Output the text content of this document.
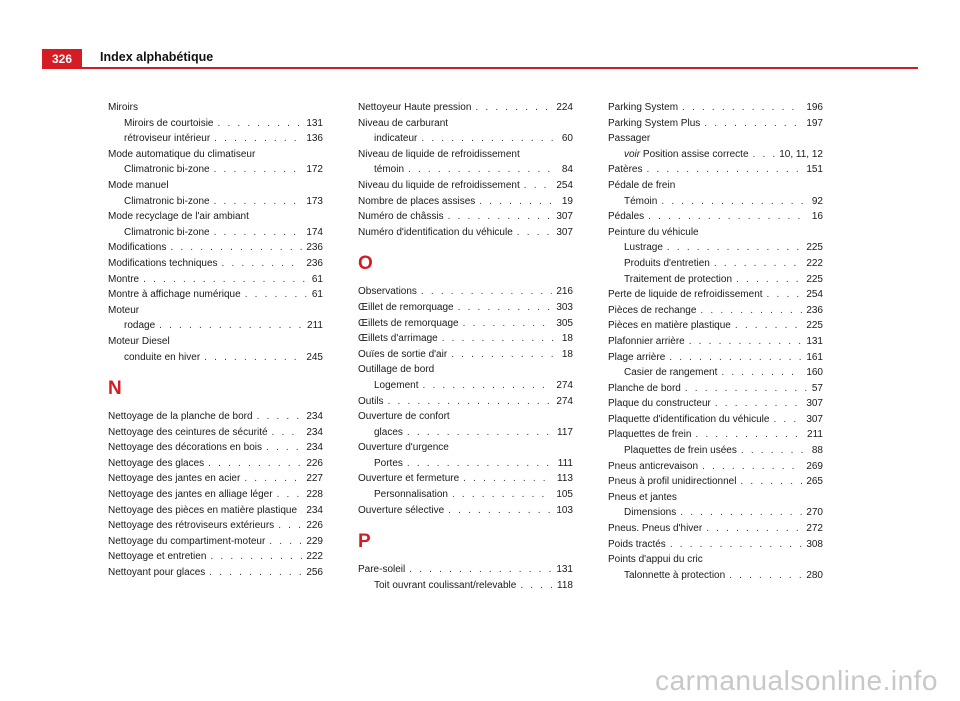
326	Index alphabétique
Miroirs
Miroirs de courtoisie . . .	131
rétroviseur intérieur . . .	136
Mode automatique du climatiseur
Climatronic bi-zone . . .	172
Mode manuel
Climatronic bi-zone . . .	173
Mode recyclage de l'air ambiant
Climatronic bi-zone . . .	174
Modifications . . .	236
Modifications techniques . . .	236
Montre . . .	61
Montre à affichage numérique . . .	61
Moteur
rodage . . .	211
Moteur Diesel
conduite en hiver . . .	245
N
Nettoyage de la planche de bord . . .	234
Nettoyage des ceintures de sécurité . . .	234
Nettoyage des décorations en bois . . .	234
Nettoyage des glaces . . .	226
Nettoyage des jantes en acier . . .	227
Nettoyage des jantes en alliage léger . . .	228
Nettoyage des pièces en matière plastique . . . 234
Nettoyage des rétroviseurs extérieurs . . .	226
Nettoyage du compartiment-moteur . . .	229
Nettoyage et entretien . . .	222
Nettoyant pour glaces . . .	256
Nettoyeur Haute pression . . .	224
Niveau de carburant
indicateur . . .	60
Niveau de liquide de refroidissement
témoin . . .	84
Niveau du liquide de refroidissement . . .	254
Nombre de places assises . . .	19
Numéro de châssis . . .	307
Numéro d'identification du véhicule . . .	307
O
Observations . . .	216
Œillet de remorquage . . .	303
Œillets de remorquage . . .	305
Œillets d'arrimage . . .	18
Ouïes de sortie d'air . . .	18
Outillage de bord
Logement . . .	274
Outils . . .	274
Ouverture de confort
glaces . . .	117
Ouverture d'urgence
Portes . . .	111
Ouverture et fermeture . . .	113
Personnalisation . . .	105
Ouverture sélective . . .	103
P
Pare-soleil . . .	131
Toit ouvrant coulissant/relevable . . .	118
Parking System . . .	196
Parking System Plus . . .	197
Passager
voir Position assise correcte . . .	10, 11, 12
Patères . . .	151
Pédale de frein
Témoin . . .	92
Pédales . . .	16
Peinture du véhicule
Lustrage . . .	225
Produits d'entretien . . .	222
Traitement de protection . . .	225
Perte de liquide de refroidissement . . .	254
Pièces de rechange . . .	236
Pièces en matière plastique . . .	225
Plafonnier arrière . . .	131
Plage arrière . . .	161
Casier de rangement . . .	160
Planche de bord . . .	57
Plaque du constructeur . . .	307
Plaquette d'identification du véhicule . . .	307
Plaquettes de frein . . .	211
Plaquettes de frein usées . . .	88
Pneus anticrevaison . . .	269
Pneus à profil unidirectionnel . . .	265
Pneus et jantes
Dimensions . . .	270
Pneus. Pneus d'hiver . . .	272
Poids tractés . . .	308
Points d'appui du cric
Talonnette à protection . . .	280
carmanualsonline.info
